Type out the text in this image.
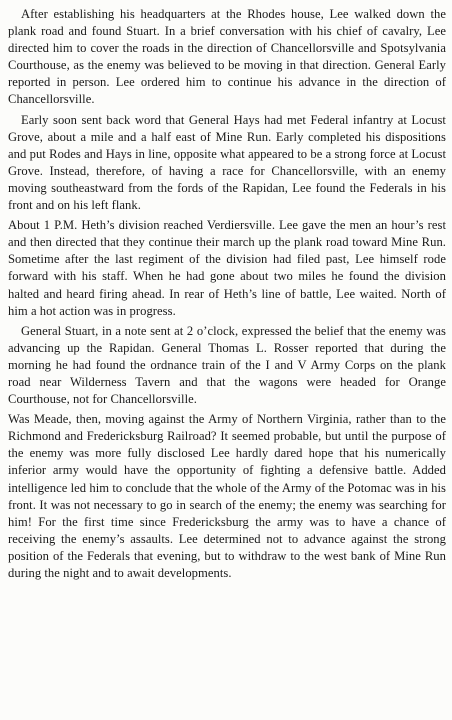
After establishing his headquarters at the Rhodes house, Lee walked down the plank road and found Stuart. In a brief conversation with his chief of cavalry, Lee directed him to cover the roads in the direction of Chancellorsville and Spotsylvania Courthouse, as the enemy was believed to be moving in that direction. General Early reported in person. Lee ordered him to continue his advance in the direction of Chancellorsville.

Early soon sent back word that General Hays had met Federal infantry at Locust Grove, about a mile and a half east of Mine Run. Early completed his dispositions and put Rodes and Hays in line, opposite what appeared to be a strong force at Locust Grove. Instead, therefore, of having a race for Chancellorsville, with an enemy moving southeastward from the fords of the Rapidan, Lee found the Federals in his front and on his left flank.

About 1 P.M. Heth’s division reached Verdiersville. Lee gave the men an hour’s rest and then directed that they continue their march up the plank road toward Mine Run. Sometime after the last regiment of the division had filed past, Lee himself rode forward with his staff. When he had gone about two miles he found the division halted and heard firing ahead. In rear of Heth’s line of battle, Lee waited. North of him a hot action was in progress.

General Stuart, in a note sent at 2 o’clock, expressed the belief that the enemy was advancing up the Rapidan. General Thomas L. Rosser reported that during the morning he had found the ordnance train of the I and V Army Corps on the plank road near Wilderness Tavern and that the wagons were headed for Orange Courthouse, not for Chancellorsville.

Was Meade, then, moving against the Army of Northern Virginia, rather than to the Richmond and Fredericksburg Railroad? It seemed probable, but until the purpose of the enemy was more fully disclosed Lee hardly dared hope that his numerically inferior army would have the opportunity of fighting a defensive battle. Added intelligence led him to conclude that the whole of the Army of the Potomac was in his front. It was not necessary to go in search of the enemy; the enemy was searching for him! For the first time since Fredericksburg the army was to have a chance of receiving the enemy’s assaults. Lee determined not to advance against the strong position of the Federals that evening, but to withdraw to the west bank of Mine Run during the night and to await developments.
